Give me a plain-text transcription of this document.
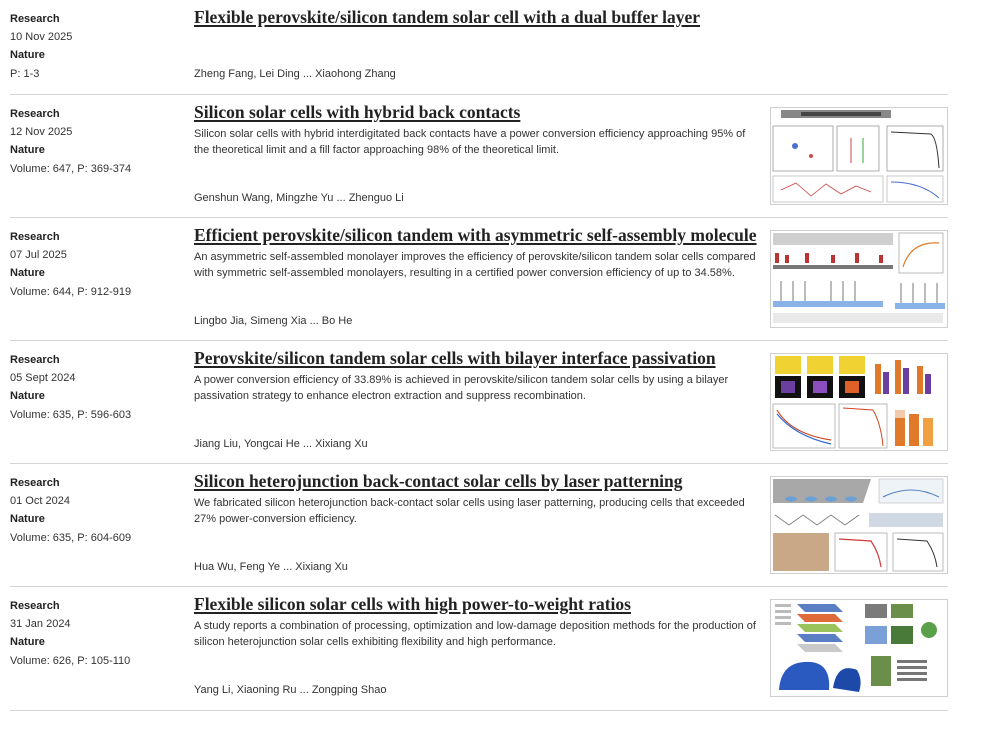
Research
10 Nov 2025
Nature
P: 1-3
Flexible perovskite/silicon tandem solar cell with a dual buffer layer
Zheng Fang, Lei Ding ... Xiaohong Zhang
Research
12 Nov 2025
Nature
Volume: 647, P: 369-374
Silicon solar cells with hybrid back contacts
Silicon solar cells with hybrid interdigitated back contacts have a power conversion efficiency approaching 95% of the theoretical limit and a fill factor approaching 98% of the theoretical limit.
Genshun Wang, Mingzhe Yu ... Zhenguo Li
Research
07 Jul 2025
Nature
Volume: 644, P: 912-919
Efficient perovskite/silicon tandem with asymmetric self-assembly molecule
An asymmetric self-assembled monolayer improves the efficiency of perovskite/silicon tandem solar cells compared with symmetric self-assembled monolayers, resulting in a certified power conversion efficiency of up to 34.58%.
Lingbo Jia, Simeng Xia ... Bo He
Research
05 Sept 2024
Nature
Volume: 635, P: 596-603
Perovskite/silicon tandem solar cells with bilayer interface passivation
A power conversion efficiency of 33.89% is achieved in perovskite/silicon tandem solar cells by using a bilayer passivation strategy to enhance electron extraction and suppress recombination.
Jiang Liu, Yongcai He ... Xixiang Xu
Research
01 Oct 2024
Nature
Volume: 635, P: 604-609
Silicon heterojunction back-contact solar cells by laser patterning
We fabricated silicon heterojunction back-contact solar cells using laser patterning, producing cells that exceeded 27% power-conversion efficiency.
Hua Wu, Feng Ye ... Xixiang Xu
Research
31 Jan 2024
Nature
Volume: 626, P: 105-110
Flexible silicon solar cells with high power-to-weight ratios
A study reports a combination of processing, optimization and low-damage deposition methods for the production of silicon heterojunction solar cells exhibiting flexibility and high performance.
Yang Li, Xiaoning Ru ... Zongping Shao
